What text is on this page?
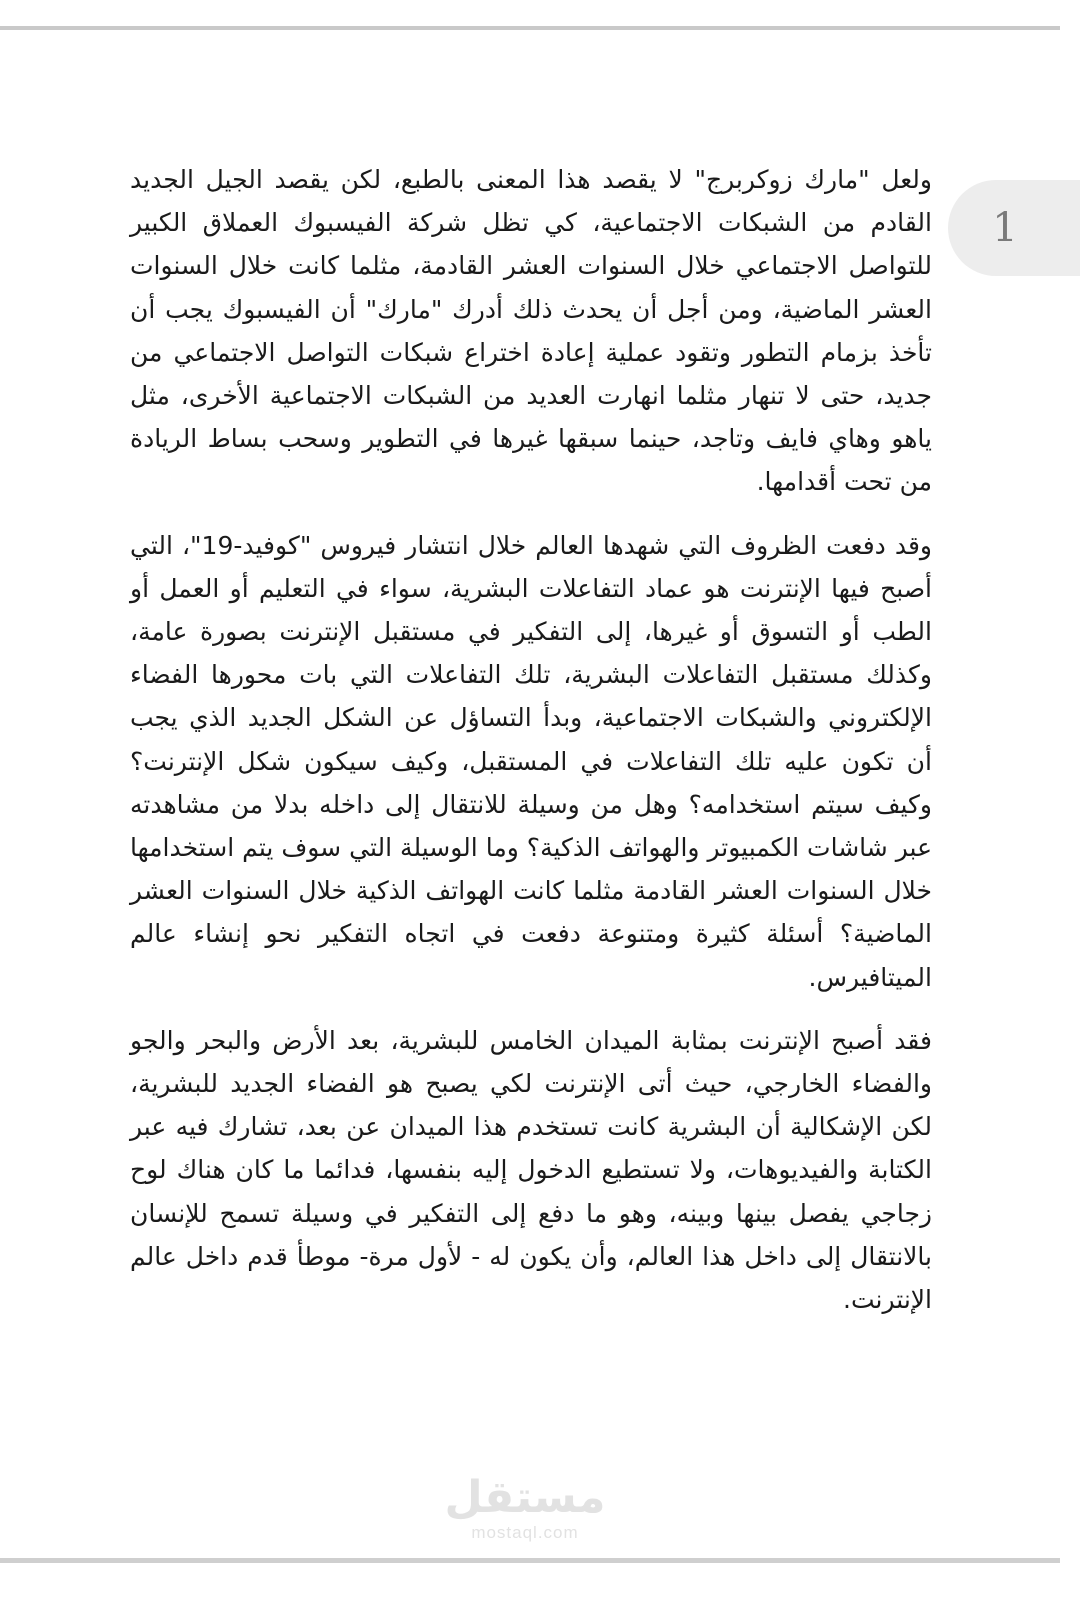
1

ولعل "مارك زوكربرج" لا يقصد هذا المعنى بالطبع، لكن يقصد الجيل الجديد القادم من الشبكات الاجتماعية، كي تظل شركة الفيسبوك العملاق الكبير للتواصل الاجتماعي خلال السنوات العشر القادمة، مثلما كانت خلال السنوات العشر الماضية، ومن أجل أن يحدث ذلك أدرك "مارك" أن الفيسبوك يجب أن تأخذ بزمام التطور وتقود عملية إعادة اختراع شبكات التواصل الاجتماعي من جديد، حتى لا تنهار مثلما انهارت العديد من الشبكات الاجتماعية الأخرى، مثل ياهو وهاي فايف وتاجد، حينما سبقها غيرها في التطوير وسحب بساط الريادة من تحت أقدامها.

وقد دفعت الظروف التي شهدها العالم خلال انتشار فيروس "كوفيد-19"، التي أصبح فيها الإنترنت هو عماد التفاعلات البشرية، سواء في التعليم أو العمل أو الطب أو التسوق أو غيرها، إلى التفكير في مستقبل الإنترنت بصورة عامة، وكذلك مستقبل التفاعلات البشرية، تلك التفاعلات التي بات محورها الفضاء الإلكتروني والشبكات الاجتماعية، وبدأ التساؤل عن الشكل الجديد الذي يجب أن تكون عليه تلك التفاعلات في المستقبل، وكيف سيكون شكل الإنترنت؟ وكيف سيتم استخدامه؟ وهل من وسيلة للانتقال إلى داخله بدلا من مشاهدته عبر شاشات الكمبيوتر والهواتف الذكية؟ وما الوسيلة التي سوف يتم استخدامها خلال السنوات العشر القادمة مثلما كانت الهواتف الذكية خلال السنوات العشر الماضية؟ أسئلة كثيرة ومتنوعة دفعت في اتجاه التفكير نحو إنشاء عالم الميتافيرس.

فقد أصبح الإنترنت بمثابة الميدان الخامس للبشرية، بعد الأرض والبحر والجو والفضاء الخارجي، حيث أتى الإنترنت لكي يصبح هو الفضاء الجديد للبشرية، لكن الإشكالية أن البشرية كانت تستخدم هذا الميدان عن بعد، تشارك فيه عبر الكتابة والفيديوهات، ولا تستطيع الدخول إليه بنفسها، فدائما ما كان هناك لوح زجاجي يفصل بينها وبينه، وهو ما دفع إلى التفكير في وسيلة تسمح للإنسان بالانتقال إلى داخل هذا العالم، وأن يكون له - لأول مرة- موطأ قدم داخل عالم الإنترنت.

مستقل
mostaql.com
